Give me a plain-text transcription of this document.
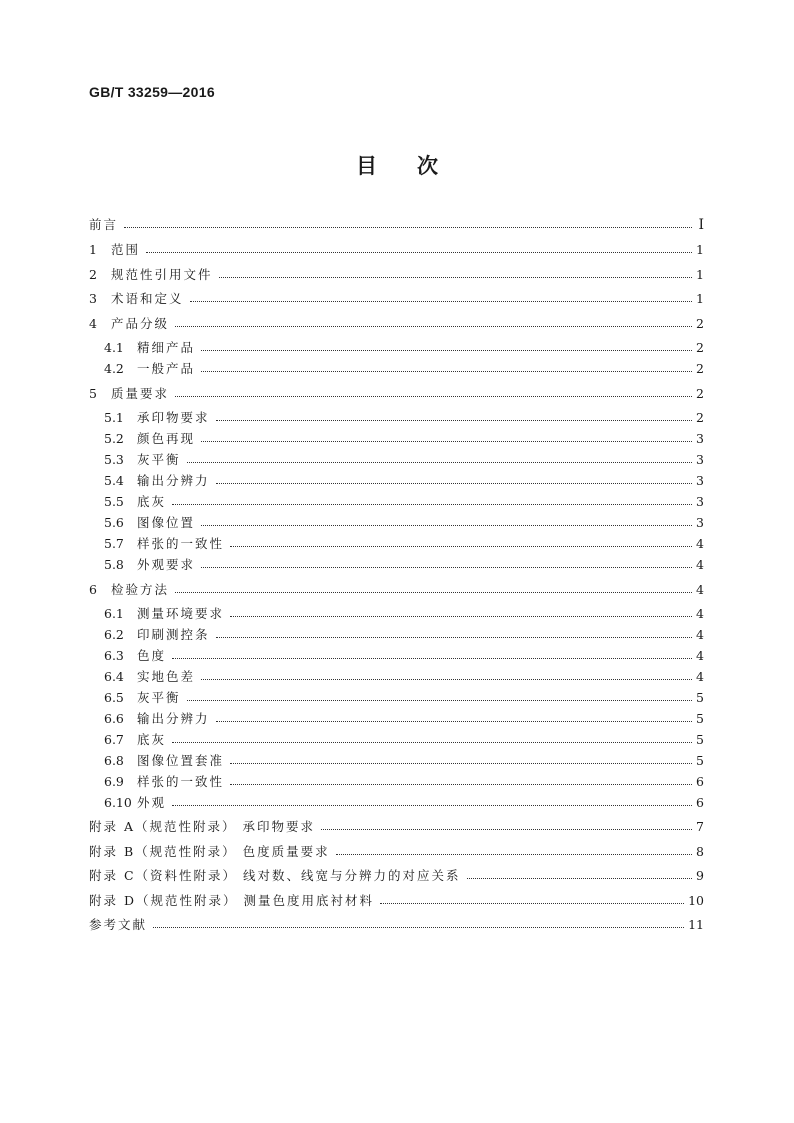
GB/T 33259—2016
目次
前言	I
1	范围	1
2	规范性引用文件	1
3	术语和定义	1
4	产品分级	2
4.1	精细产品	2
4.2	一般产品	2
5	质量要求	2
5.1	承印物要求	2
5.2	颜色再现	3
5.3	灰平衡	3
5.4	输出分辨力	3
5.5	底灰	3
5.6	图像位置	3
5.7	样张的一致性	4
5.8	外观要求	4
6	检验方法	4
6.1	测量环境要求	4
6.2	印刷测控条	4
6.3	色度	4
6.4	实地色差	4
6.5	灰平衡	5
6.6	输出分辨力	5
6.7	底灰	5
6.8	图像位置套准	5
6.9	样张的一致性	6
6.10 外观	6
附录 A（规范性附录） 承印物要求	7
附录 B（规范性附录） 色度质量要求	8
附录 C（资料性附录） 线对数、线宽与分辨力的对应关系	9
附录 D（规范性附录） 测量色度用底衬材料	10
参考文献	11
